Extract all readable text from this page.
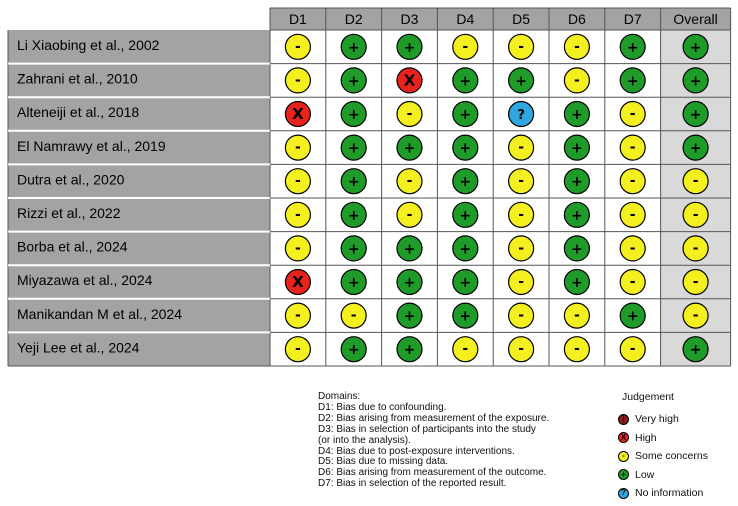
D1	D2	D3	D4	D5	D6	D7 Overall
Li Xiaobing et al., 2002	-	+	+	-	-	-	+	+
Zahrani et al., 2010	-	+	X	+	+	-	+	+
Alteneiji et al., 2018	X	+	-	+	?	+	-	+
El Namrawy et al., 2019	-	+	+	+	-	+	-	+
Dutra et al., 2020	-	+	-	+	-	+	-	-
Rizzi et al., 2022	-	+	-	+	-	+	-	-
Borba et al., 2024	-	+	+	+	-	+	-	-
Miyazawa et al., 2024	X	+	+	+	-	+	-	-
Manikandan M et al., 2024	-	-	+	+	-	-	+	-
Yeji Lee et al., 2024	-	+	+	-	-	-	-	+
Domains:
D1: Bias due to confounding.
D2: Bias arising from measurement of the exposure.
D3: Bias in selection of participants into the study
(or into the analysis).
D4: Bias due to post-exposure interventions.
D5: Bias due to missing data.
D6: Bias arising from measurement of the outcome.
D7: Bias in selection of the reported result.
Judgement
! Very high
X High
- Some concerns
+ Low
? No information
